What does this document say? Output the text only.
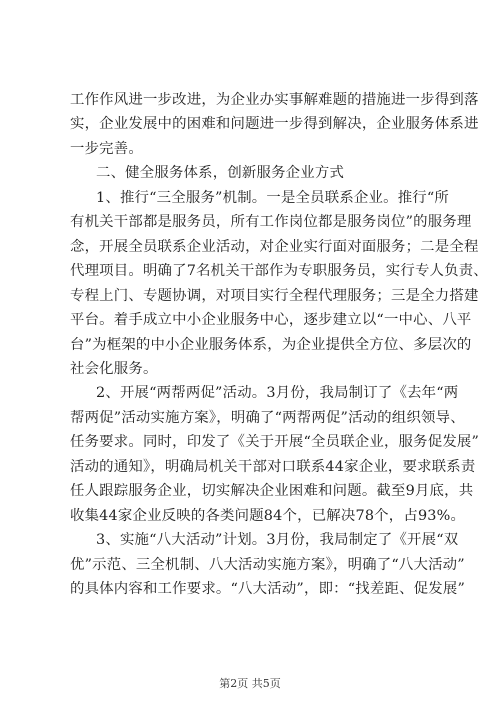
工作作风进一步改进，为企业办实事解难题的措施进一步得到落
实，企业发展中的困难和问题进一步得到解决，企业服务体系进
一步完善。
二、健全服务体系，创新服务企业方式
1、推行“三全服务”机制。一是全员联系企业。推行“所
有机关干部都是服务员，所有工作岗位都是服务岗位”的服务理
念，开展全员联系企业活动，对企业实行面对面服务；二是全程
代理项目。明确了7名机关干部作为专职服务员，实行专人负责、
专程上门、专题协调，对项目实行全程代理服务；三是全力搭建
平台。着手成立中小企业服务中心，逐步建立以“一中心、八平
台”为框架的中小企业服务体系，为企业提供全方位、多层次的
社会化服务。
2、开展“两帮两促”活动。3月份，我局制订了《去年“两
帮两促”活动实施方案》，明确了“两帮两促”活动的组织领导、
任务要求。同时，印发了《关于开展“全员联企业，服务促发展”
活动的通知》，明确局机关干部对口联系44家企业，要求联系责
任人跟踪服务企业，切实解决企业困难和问题。截至9月底，共
收集44家企业反映的各类问题84个，已解决78个，占93%。
3、实施“八大活动”计划。3月份，我局制定了《开展“双
优”示范、三全机制、八大活动实施方案》，明确了“八大活动”
的具体内容和工作要求。“八大活动”，即：“找差距、促发展”
第2页 共5页
